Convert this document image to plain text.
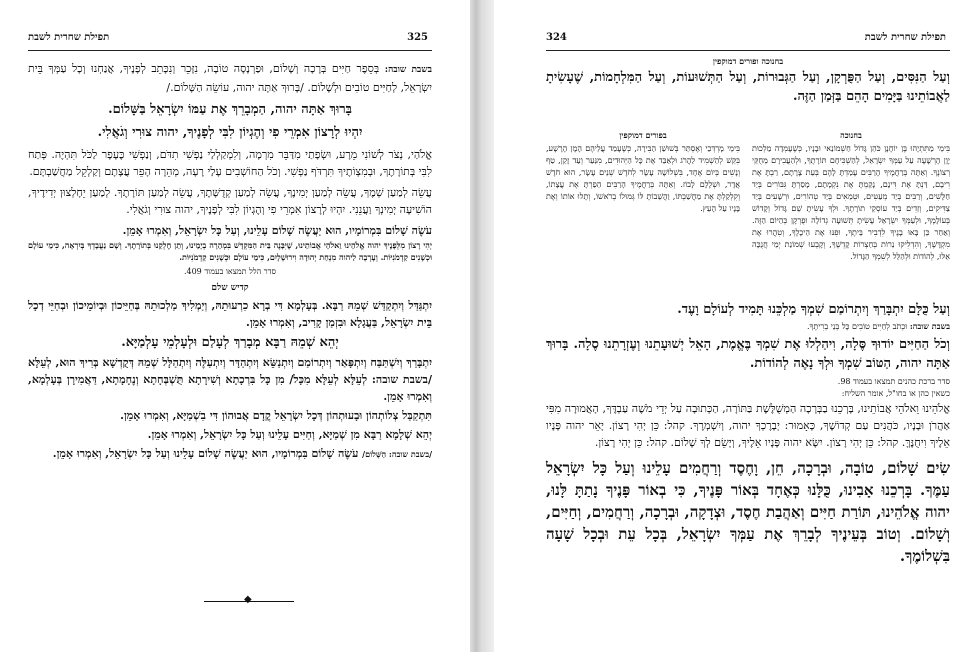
325
תפילת שחרית לשבת

בשבת שובה: בְּסֵפֶר חַיִּים בְּרָכָה וְשָׁלוֹם, וּפַרְנָסָה טוֹבָה, נִזָּכֵר וְנִכָּתֵב לְפָנֶיךָ, אֲנַחְנוּ וְכָל עַמְּךָ בֵּית יִשְׂרָאֵל, לְחַיִּים טוֹבִים וּלְשָׁלוֹם. /בָּרוּךְ אַתָּה יהוה, עוֹשֵׂה הַשָּׁלוֹם./

בָּרוּךְ אַתָּה יהוה, הַמְבָרֵךְ אֶת עַמּוֹ יִשְׂרָאֵל בַּשָּׁלוֹם.

יִהְיוּ לְרָצוֹן אִמְרֵי פִי וְהֶגְיוֹן לִבִּי לְפָנֶיךָ, יהוה צוּרִי וְגֹאֲלִי.

אֱלֹהַי, נְצֹר לְשׁוֹנִי מֵרָע, וּשְׂפָתַי מִדַּבֵּר מִרְמָה, וְלִמְקַלְלַי נַפְשִׁי תִדֹּם, וְנַפְשִׁי כֶּעָפָר לַכֹּל תִּהְיֶה. פְּתַח לִבִּי בְּתוֹרָתֶךָ, וּבְמִצְוֹתֶיךָ תִּרְדֹּף נַפְשִׁי. וְכֹל הַחוֹשְׁבִים עָלַי רָעָה, מְהֵרָה הָפֵר עֲצָתָם וְקַלְקֵל מַחֲשַׁבְתָּם.

עֲשֵׂה לְמַעַן שְׁמֶךָ, עֲשֵׂה לְמַעַן יְמִינֶךָ, עֲשֵׂה לְמַעַן קְדֻשָּׁתֶךָ, עֲשֵׂה לְמַעַן תּוֹרָתֶךָ. לְמַעַן יֵחָלְצוּן יְדִידֶיךָ, הוֹשִׁיעָה יְמִינְךָ וַעֲנֵנִי. יִהְיוּ לְרָצוֹן אִמְרֵי פִי וְהֶגְיוֹן לִבִּי לְפָנֶיךָ, יהוה צוּרִי וְגֹאֲלִי.

עֹשֶׂה שָׁלוֹם בִּמְרוֹמָיו, הוּא יַעֲשֶׂה שָׁלוֹם עָלֵינוּ, וְעַל כָּל יִשְׂרָאֵל, וְאִמְרוּ אָמֵן.

יְהִי רָצוֹן מִלְּפָנֶיךָ יהוה אֱלֹהֵינוּ וֵאלֹהֵי אֲבוֹתֵינוּ, שֶׁיִּבָּנֶה בֵּית הַמִּקְדָּשׁ בִּמְהֵרָה בְיָמֵינוּ, וְתֵן חֶלְקֵנוּ בְּתוֹרָתֶךָ. וְשָׁם נַעֲבָדְךָ בְּיִרְאָה, כִּימֵי עוֹלָם וּכְשָׁנִים קַדְמֹנִיּוֹת. וְעָרְבָה לַיהוה מִנְחַת יְהוּדָה וִירוּשָׁלָיִם, כִּימֵי עוֹלָם וּכְשָׁנִים קַדְמֹנִיּוֹת.

סדר הלל תמצאו בעמוד 409.

קדיש שלם

יִתְגַּדַּל וְיִתְקַדַּשׁ שְׁמֵהּ רַבָּא. בְּעָלְמָא דִּי בְרָא כִרְעוּתֵהּ, וְיַמְלִיךְ מַלְכוּתֵהּ בְּחַיֵּיכוֹן וּבְיוֹמֵיכוֹן וּבְחַיֵּי דְכָל בֵּית יִשְׂרָאֵל, בַּעֲגָלָא וּבִזְמַן קָרִיב, וְאִמְרוּ אָמֵן.

יְהֵא שְׁמֵהּ רַבָּא מְבָרַךְ לְעָלַם וּלְעָלְמֵי עָלְמַיָּא.

יִתְבָּרַךְ וְיִשְׁתַּבַּח וְיִתְפָּאַר וְיִתְרוֹמַם וְיִתְנַשֵּׂא וְיִתְהַדָּר וְיִתְעַלֶּה וְיִתְהַלָּל שְׁמֵהּ דְּקֻדְשָׁא בְּרִיךְ הוּא, לְעֵלָּא /בשבת שובה: לְעֵלָּא לְעֵלָּא מִכָּל/ מִן כָּל בִּרְכָתָא וְשִׁירָתָא תֻּשְׁבְּחָתָא וְנֶחָמָתָא, דַּאֲמִירָן בְּעָלְמָא, וְאִמְרוּ אָמֵן.

תִּתְקַבַּל צְלוֹתְהוֹן וּבָעוּתְהוֹן דְּכָל יִשְׂרָאֵל קֳדָם אֲבוּהוֹן דִּי בִשְׁמַיָּא, וְאִמְרוּ אָמֵן.

יְהֵא שְׁלָמָא רַבָּא מִן שְׁמַיָּא, וְחַיִּים עָלֵינוּ וְעַל כָּל יִשְׂרָאֵל, וְאִמְרוּ אָמֵן.

/בשבת שובה: הַשָּׁלוֹם/ עֹשֶׂה שָׁלוֹם בִּמְרוֹמָיו, הוּא יַעֲשֶׂה שָׁלוֹם עָלֵינוּ וְעַל כָּל יִשְׂרָאֵל, וְאִמְרוּ אָמֵן.

◆
324	תפילת שחרית לשבת

בחנוכה ופורים דמוקפין

וְעַל הַנִּסִּים, וְעַל הַפֻּרְקָן, וְעַל הַגְּבוּרוֹת, וְעַל הַתְּשׁוּעוֹת, וְעַל הַמִּלְחָמוֹת, שֶׁעָשִׂיתָ לַאֲבוֹתֵינוּ בַּיָּמִים הָהֵם בַּזְּמַן הַזֶּה.

בפורים דמוקפין

בִּימֵי מָרְדְּכַי וְאֶסְתֵּר בְּשׁוּשַׁן הַבִּירָה, כְּשֶׁעָמַד עֲלֵיהֶם הָמָן הָרָשָׁע, בִּקֵּשׁ לְהַשְׁמִיד לַהֲרֹג וּלְאַבֵּד אֶת כָּל הַיְּהוּדִים, מִנַּעַר וְעַד זָקֵן, טַף וְנָשִׁים בְּיוֹם אֶחָד, בִּשְׁלוֹשָׁה עָשָׂר לְחֹדֶשׁ שְׁנֵים עָשָׂר, הוּא חֹדֶשׁ אֲדָר, וּשְׁלָלָם לָבוֹז. וְאַתָּה בְּרַחֲמֶיךָ הָרַבִּים הֵפַרְתָּ אֶת עֲצָתוֹ, וְקִלְקַלְתָּ אֶת מַחֲשַׁבְתּוֹ, וַהֲשֵׁבוֹתָ לּוֹ גְּמוּלוֹ בְרֹאשׁוֹ, וְתָלוּ אוֹתוֹ וְאֶת בָּנָיו עַל הָעֵץ.

בחנוכה

בִּימֵי מַתִּתְיָהוּ בֶּן יוֹחָנָן כֹּהֵן גָּדוֹל חַשְׁמוֹנַאי וּבָנָיו, כְּשֶׁעָמְדָה מַלְכוּת יָוָן הָרְשָׁעָה עַל עַמְּךָ יִשְׂרָאֵל, לְהַשְׁכִּיחָם תּוֹרָתֶךָ, וּלְהַעֲבִירָם מֵחֻקֵּי רְצוֹנֶךָ. וְאַתָּה בְּרַחֲמֶיךָ הָרַבִּים עָמַדְתָּ לָהֶם בְּעֵת צָרָתָם, רַבְתָּ אֶת רִיבָם, דַּנְתָּ אֶת דִּינָם, נָקַמְתָּ אֶת נִקְמָתָם, מָסַרְתָּ גִּבּוֹרִים בְּיַד חַלָּשִׁים, וְרַבִּים בְּיַד מְעַטִּים, וּטְמֵאִים בְּיַד טְהוֹרִים, וּרְשָׁעִים בְּיַד צַדִּיקִים, וְזֵדִים בְּיַד עוֹסְקֵי תוֹרָתֶךָ. וּלְךָ עָשִׂיתָ שֵׁם גָּדוֹל וְקָדוֹשׁ בְּעוֹלָמֶךָ, וּלְעַמְּךָ יִשְׂרָאֵל עָשִׂיתָ תְּשׁוּעָה גְדוֹלָה וּפֻרְקָן כְּהַיּוֹם הַזֶּה. וְאַחַר כֵּן בָּאוּ בָנֶיךָ לִדְבִיר בֵּיתֶךָ, וּפִנּוּ אֶת הֵיכָלֶךָ, וְטִהֲרוּ אֶת מִקְדָּשֶׁךָ, וְהִדְלִיקוּ נֵרוֹת בְּחַצְרוֹת קָדְשֶׁךָ, וְקָבְעוּ שְׁמוֹנַת יְמֵי חֲנֻכָּה אֵלּוּ, לְהוֹדוֹת וּלְהַלֵּל לְשִׁמְךָ הַגָּדוֹל.

וְעַל כֻּלָּם יִתְבָּרַךְ וְיִתְרוֹמַם שִׁמְךָ מַלְכֵּנוּ תָּמִיד לְעוֹלָם וָעֶד.

בשבת שובה: וּכְתֹב לְחַיִּים טוֹבִים כָּל בְּנֵי בְרִיתֶךָ.

וְכֹל הַחַיִּים יוֹדוּךָ סֶּלָה, וִיהַלְלוּ אֶת שִׁמְךָ בֶּאֱמֶת, הָאֵל יְשׁוּעָתֵנוּ וְעֶזְרָתֵנוּ סֶלָה. בָּרוּךְ אַתָּה יהוה, הַטּוֹב שִׁמְךָ וּלְךָ נָאֶה לְהוֹדוֹת.

סדר ברכת כהנים תמצאו בעמוד 98.

כשאין כהן או בחו"ל, אומר השליח:

אֱלֹהֵינוּ וֵאלֹהֵי אֲבוֹתֵינוּ, בָּרְכֵנוּ בַבְּרָכָה הַמְשֻׁלֶּשֶׁת בַּתּוֹרָה, הַכְּתוּבָה עַל יְדֵי מֹשֶׁה עַבְדֶּךָ, הָאֲמוּרָה מִפִּי אַהֲרֹן וּבָנָיו, כֹּהֲנִים עַם קְדוֹשֶׁךָ, כָּאָמוּר: יְבָרֶכְךָ יהוה, וְיִשְׁמְרֶךָ. קהל: כֵּן יְהִי רָצוֹן. יָאֵר יהוה פָּנָיו אֵלֶיךָ וִיחֻנֶּךָּ. קהל: כֵּן יְהִי רָצוֹן. יִשָּׂא יהוה פָּנָיו אֵלֶיךָ, וְיָשֵׂם לְךָ שָׁלוֹם. קהל: כֵּן יְהִי רָצוֹן.

שִׂים שָׁלוֹם, טוֹבָה, וּבְרָכָה, חֵן, וָחֶסֶד וְרַחֲמִים עָלֵינוּ וְעַל כָּל יִשְׂרָאֵל עַמֶּךָ. בָּרְכֵנוּ אָבִינוּ, כֻּלָּנוּ כְּאֶחָד בְּאוֹר פָּנֶיךָ, כִּי בְאוֹר פָּנֶיךָ נָתַתָּ לָּנוּ, יהוה אֱלֹהֵינוּ, תּוֹרַת חַיִּים וְאַהֲבַת חֶסֶד, וּצְדָקָה, וּבְרָכָה, וְרַחֲמִים, וְחַיִּים, וְשָׁלוֹם. וְטוֹב בְּעֵינֶיךָ לְבָרֵךְ אֶת עַמְּךָ יִשְׂרָאֵל, בְּכָל עֵת וּבְכָל שָׁעָה בִּשְׁלוֹמֶךָ.
